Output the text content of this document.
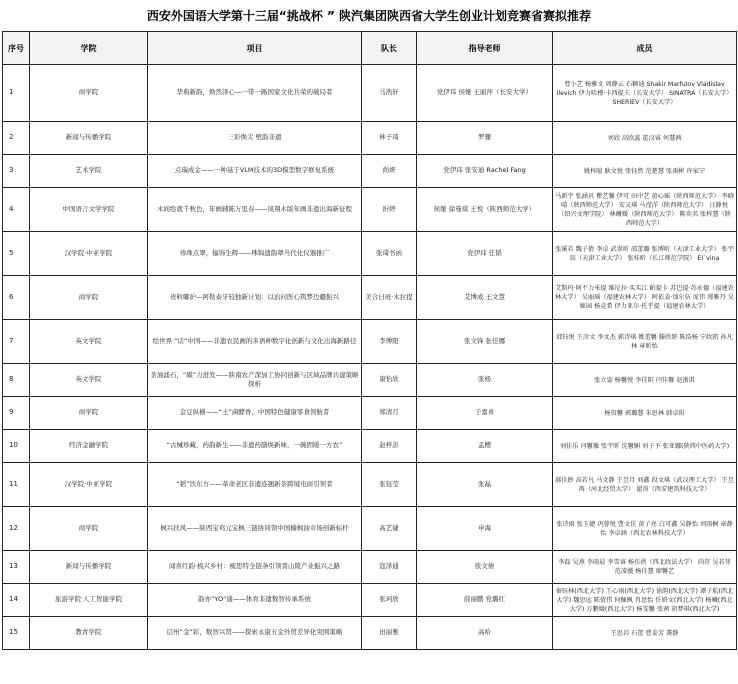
西安外国语大学第十三届“挑战杯 ” 陕汽集团陕西省大学生创业计划竞赛省赛拟推荐
序号	学院	项目	队长	指导老师	成员
1	商学院	华典新韵，焕然泽心—一带一路国家文化共荣的破局者	马浩轩	党伊玮 侯娅 王丽萍（长安大学）	曹小艺 杨雅文 周静云 石颖迪 Shakir Marfulov Vladislav Ilevich 伊力哈穆·卡西提夫（长安大学） SINATRA（长安大学） SHERIEV（长安大学）
2	新闻与传播学院	三彩焕尖 壁韵非遗	林子琦	罗骤	刘欣 高欣蕊 霍汉睿 何慧茜
3	艺术学院	点瑞成金——一种基于VLM技术的3D模型数字修复系统	尚妍	党伊玮 张安迪 Rachel Fang	姚梓暄 耿文悦 张钰然 范楚慧 张雨彬 许家宁
4	中国语言文学学院	木间绘就千秋色，年画辅陈万里春——凤翔木版年画非遗出海新征程	折婷	侯娅 徐曼琪 王悦（陕西师范大学）	马新宇 张涵贝 瞿艺馨 伊可 田中艺 黄心瑶（陕西师范大学） 李晓晴（陕西师范大学） 安又琪 马滢洋（陕西师范大学） 汪静悦（绍兴文理学院） 林曦媛（陕西师范大学） 陈奕名 张梓慧（陕西师范大学）
5	汉学院·中亚学院	珍珠点翠，辐饰生辉——珠锦遗韵翠当代化仪器推广	张琦书函	党伊玮 任韬	张溪若 魏子倩 李卓 武翠昕 邵蕾璐 张博昕（天津工业大学） 张宇辰（天津工业大学） 张桂昕（长江师范学院） El`vina
6	商学院	贵粒嘟护—阿勒泰牙较独新计划：以治问医心筑梦边疆振兴	美合日班·木拉提	艾博成 王文慧	艾斯玛·阿不力米提 维尼拉·买买江 帕提卡 苏巴提·苏永德（福建农林大学） 吴丽瑶（福建农林大学） 阿依姜·加尔伍 庞伟 郑雅丹 吴姬园 杨竞希 伊力亚尔·托乎提（福建农林大学）
7	英文学院	绘世界·“话”中国——非遗农民画的多语种数字化创新与文化出海新路径	李博阳	张文锋 张佳娜	邱钰悦 王彦文 李文杰 郭诗琪 姚蕾馨 滕欣妍 陈浩杨 宁政凯 孙凡林 章昕怡
8	英文学院	茶油涌石，“媒”力进发——陕南农产深加工协同创新与区域品牌共建策略探析	康怡欣	张杨	张立姿 杨馨悦 李佳阳 闫佳馨 赵浙淇
9	商学院	金豆纵横——“土”菌酵香，中国特色健康零食领航者	郑清月	于嘉喜	杨贵馨 郭璐慧 朱思林 韩卓阳
10	经济金融学院	“古械珍藏，药韵新生——非遗药膳焕新味，一碗固暖一方农”	赵梓彭	孟樱	刘佳乐 闫馨豫 张宇昕 沈馨娴 刘子予 张亚娜(陕西中医药大学)
11	汉学院·中亚学院	“稻”饮东方——革命老区非遗连翘新茶跨境电商引领者	张钰莹	张晶	郝佳妙 高若凡 马文静 王昱月 刘鑫 段文琪（武汉理工大学） 王昱苒（河北经贸大学） 翟涛（西安建筑科技大学）
12	商学院	枫兴扶风——陕西宝鸡元宝枫三链协同领中国楠枫油市场创新标杆	高艺婕	申海	张诗雨 张玉婕 巩蓉悦 曹文佳 黄子亮 白可鑫 吴静怡 刘雨桐 章静怡 李卓涵（西北农林科技大学）
13	新闻与传播学院	闻喜红韵·梳兴乡村：梳思特全链条引领晋山陵产业振兴之路	寇泽通	张文倩	李磊 吴燕 李雨晨 李雪睿 杨佳蓓（西北政法大学） 尚存 吴若菲 范凌薇 杨佳慧 廖馨艺
14	旅游学院·人工智能学院	韵亦“YO”通——体育非遗数智传承系统	张珂欣	薛丽鹏 党璐红	秦钰林(西北大学) 王心雨(西北大学) 徐韵(西北大学) 谭子航(西北大学) 魏思远 陈倩伟 何佩枫 肖思怡 任妍文(西北大学) 杨曦(西北大学) 万鹏媛(西北大学) 杨雯馨 张茜 胡梦琪(西北大学)
15	教育学院	层州“金”彩，数智兴贤——探索永康五金外贸差异化突围策略	田丽雅	高哈	王思岩 石蕾 曹姜芳 龚静
